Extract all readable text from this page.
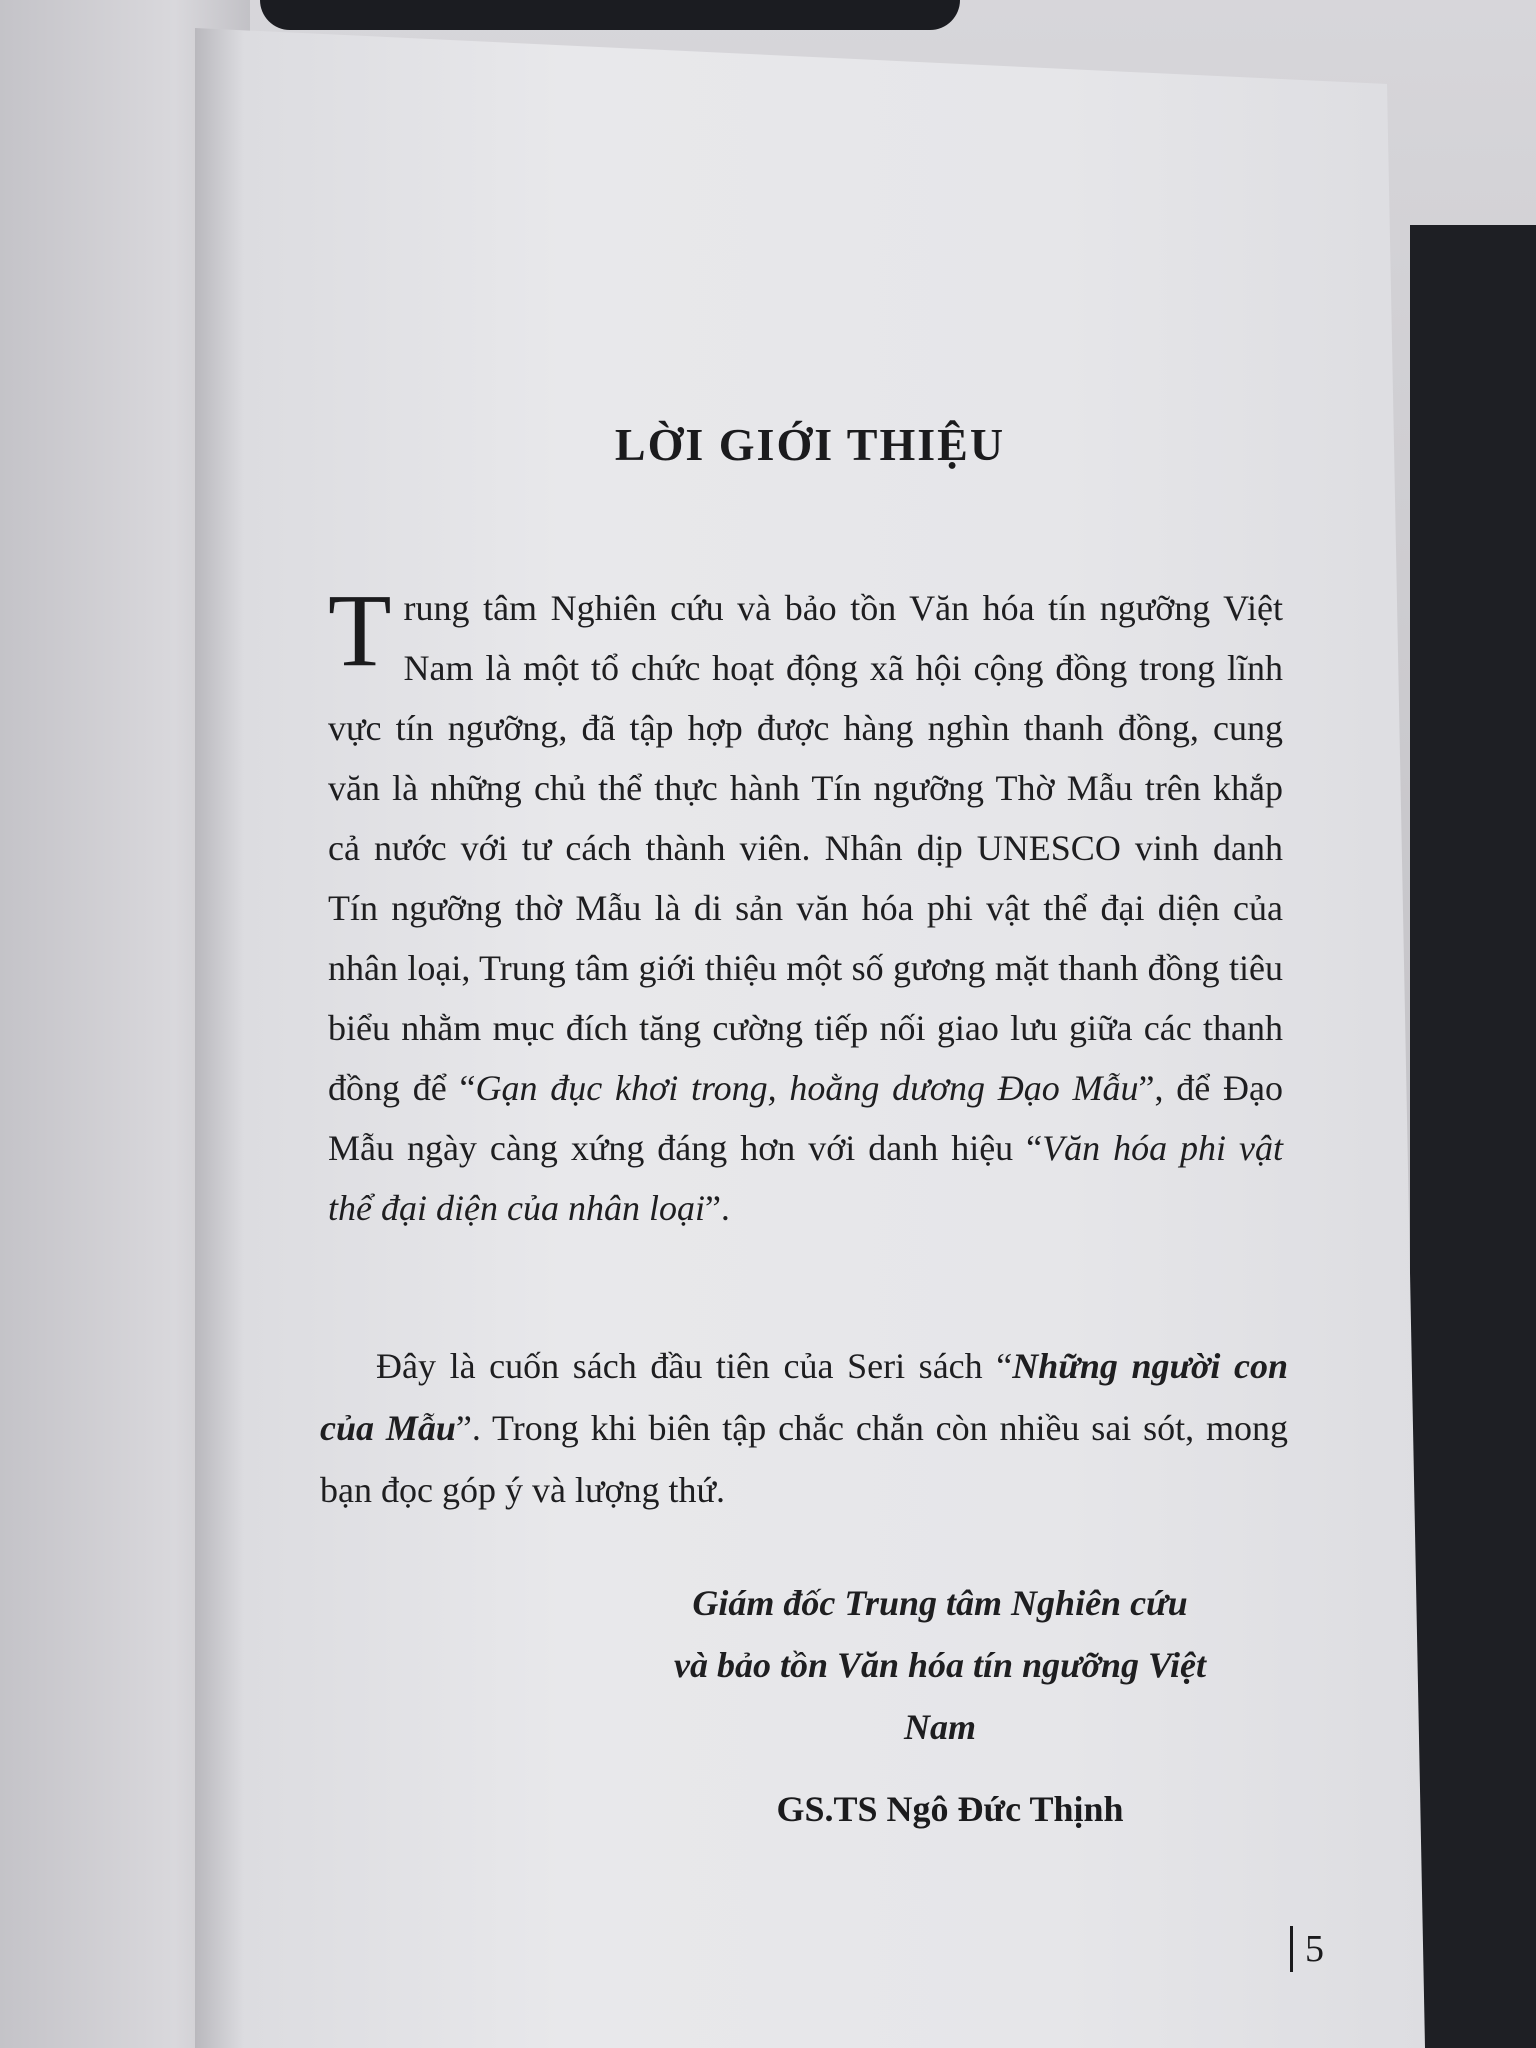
LỜI GIỚI THIỆU
Trung tâm Nghiên cứu và bảo tồn Văn hóa tín ngưỡng Việt Nam là một tổ chức hoạt động xã hội cộng đồng trong lĩnh vực tín ngưỡng, đã tập hợp được hàng nghìn thanh đồng, cung văn là những chủ thể thực hành Tín ngưỡng Thờ Mẫu trên khắp cả nước với tư cách thành viên. Nhân dịp UNESCO vinh danh Tín ngưỡng thờ Mẫu là di sản văn hóa phi vật thể đại diện của nhân loại, Trung tâm giới thiệu một số gương mặt thanh đồng tiêu biểu nhằm mục đích tăng cường tiếp nối giao lưu giữa các thanh đồng để “Gạn đục khơi trong, hoằng dương Đạo Mẫu”, để Đạo Mẫu ngày càng xứng đáng hơn với danh hiệu “Văn hóa phi vật thể đại diện của nhân loại”.
Đây là cuốn sách đầu tiên của Seri sách “Những người con của Mẫu”. Trong khi biên tập chắc chắn còn nhiều sai sót, mong bạn đọc góp ý và lượng thứ.
Giám đốc Trung tâm Nghiên cứu
và bảo tồn Văn hóa tín ngưỡng Việt
Nam
GS.TS Ngô Đức Thịnh
5
